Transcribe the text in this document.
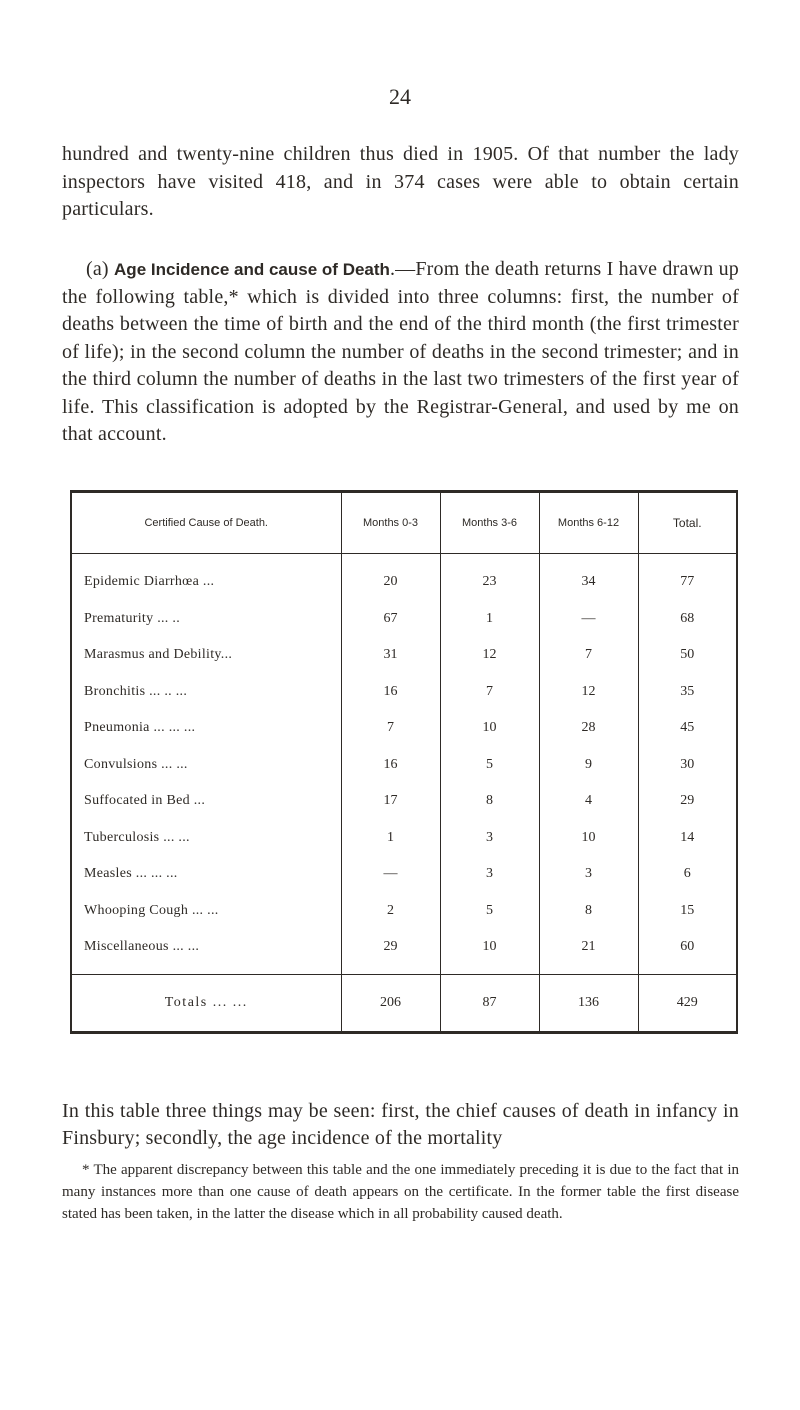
24

hundred and twenty-nine children thus died in 1905. Of that number the lady inspectors have visited 418, and in 374 cases were able to obtain certain particulars.

(a) Age Incidence and cause of Death.—From the death returns I have drawn up the following table,* which is divided into three columns: first, the number of deaths between the time of birth and the end of the third month (the first trimester of life); in the second column the number of deaths in the second trimester; and in the third column the number of deaths in the last two trimesters of the first year of life. This classification is adopted by the Registrar-General, and used by me on that account.

Certified Cause of Death.	Months 0-3	Months 3-6	Months 6-12	Total.
Epidemic Diarrhœa ...	20	23	34	77
Prematurity ... ..	67	1	—	68
Marasmus and Debility...	31	12	7	50
Bronchitis ... .. ...	16	7	12	35
Pneumonia ... ... ...	7	10	28	45
Convulsions ... ...	16	5	9	30
Suffocated in Bed ...	17	8	4	29
Tuberculosis ... ...	1	3	10	14
Measles ... ... ...	—	3	3	6
Whooping Cough ... ...	2	5	8	15
Miscellaneous ... ...	29	10	21	60
Totals ... ...	206	87	136	429

In this table three things may be seen: first, the chief causes of death in infancy in Finsbury; secondly, the age incidence of the mortality

* The apparent discrepancy between this table and the one immediately preceding it is due to the fact that in many instances more than one cause of death appears on the certificate. In the former table the first disease stated has been taken, in the latter the disease which in all probability caused death.
